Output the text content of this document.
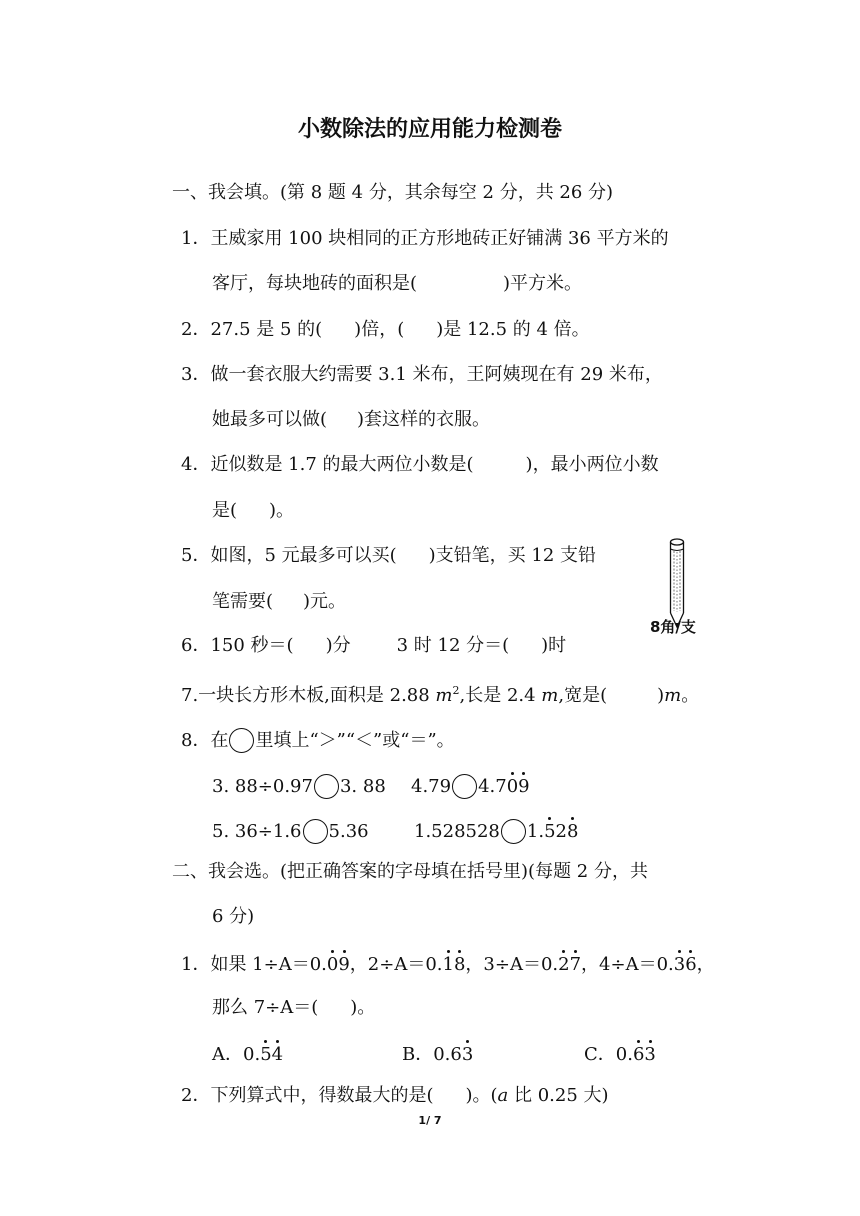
小数除法的应用能力检测卷
一、我会填。(第 8 题 4 分，其余每空 2 分，共 26 分)
1．王威家用 100 块相同的正方形地砖正好铺满 36 平方米的
客厅，每块地砖的面积是(	)平方米。
2．27.5 是 5 的( )倍，( )是 12.5 的 4 倍。
3．做一套衣服大约需要 3.1 米布，王阿姨现在有 29 米布，
她最多可以做( )套这样的衣服。
4．近似数是 1.7 的最大两位小数是(	)，最小两位小数
是( )。
5．如图，5 元最多可以买( )支铅笔，买 12 支铅
笔需要( )元。
8角/支
6．150 秒＝( )分	3 时 12 分＝( )时
7.一块长方形木板,面积是 2.88 $m^2$,长是 2.4 m,宽是(	)m。
8．在 里填上“＞”“＜”或“＝”。
3. 88÷0.97 3. 88 4.79 4.709
5. 36÷1.6 5.36	1.528528 1.528
二、我会选。(把正确答案的字母填在括号里)(每题 2 分，共
6 分)
1．如果 1÷A＝0.09，2÷A＝0.18，3÷A＝0.27，4÷A＝0.36，
那么 7÷A＝( )。
A．0.54	B．0.63	C．0.63
2．下列算式中，得数最大的是( )。(a 比 0.25 大)
1/ 7
